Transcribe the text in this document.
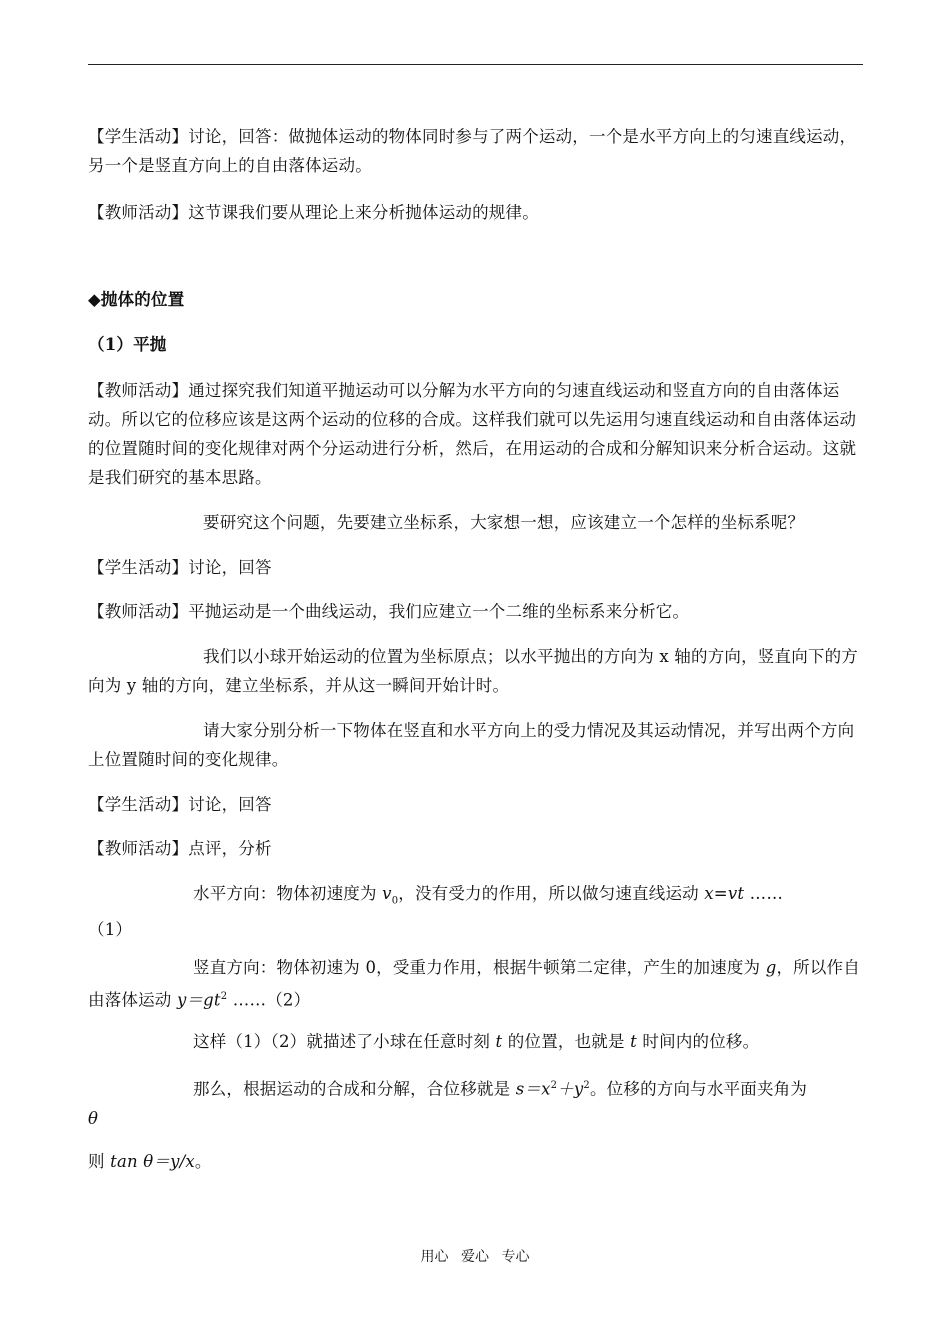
【学生活动】讨论，回答：做抛体运动的物体同时参与了两个运动，一个是水平方向上的匀速直线运动，另一个是竖直方向上的自由落体运动。
【教师活动】这节课我们要从理论上来分析抛体运动的规律。
◆抛体的位置
（1）平抛
【教师活动】通过探究我们知道平抛运动可以分解为水平方向的匀速直线运动和竖直方向的自由落体运动。所以它的位移应该是这两个运动的位移的合成。这样我们就可以先运用匀速直线运动和自由落体运动的位置随时间的变化规律对两个分运动进行分析，然后，在用运动的合成和分解知识来分析合运动。这就是我们研究的基本思路。
要研究这个问题，先要建立坐标系，大家想一想，应该建立一个怎样的坐标系呢？
【学生活动】讨论，回答
【教师活动】平抛运动是一个曲线运动，我们应建立一个二维的坐标系来分析它。
我们以小球开始运动的位置为坐标原点；以水平抛出的方向为 x 轴的方向，竖直向下的方向为 y 轴的方向，建立坐标系，并从这一瞬间开始计时。
请大家分别分析一下物体在竖直和水平方向上的受力情况及其运动情况，并写出两个方向上位置随时间的变化规律。
【学生活动】讨论，回答
【教师活动】点评，分析
水平方向：物体初速度为 $v_0$，没有受力的作用，所以做匀速直线运动 x=vt ……
（1）
竖直方向：物体初速为 0，受重力作用，根据牛顿第二定律，产生的加速度为 g，所以作自由落体运动 $y=gt^2$ ……（2）
这样（1）（2）就描述了小球在任意时刻 t 的位置，也就是 t 时间内的位移。
那么，根据运动的合成和分解，合位移就是 $s=x^2+y^2$。位移的方向与水平面夹角为
θ
则 tan θ＝y/x。
用心 爱心 专心
